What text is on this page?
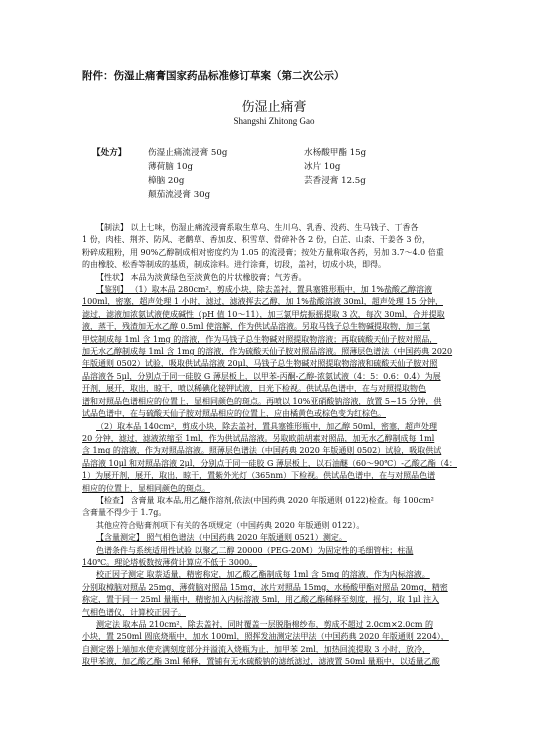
附件：伤湿止痛膏国家药品标准修订草案（第二次公示）
伤湿止痛膏
Shangshi Zhitong Gao
【处方】	伤湿止痛流浸膏 50g	水杨酸甲酯 15g
薄荷脑 10g	冰片 10g
樟脑 20g	芸香浸膏 12.5g
颠茄流浸膏 30g
【制法】 以上七味，伤湿止痛流浸膏系取生草乌、生川乌、乳香、没药、生马钱子、丁香各
1 份，肉桂、荆芥、防风、老鹳草、香加皮、积雪草、骨碎补各 2 份，白芷、山柰、干姜各 3 份，
粉碎成粗粉，用 90%乙醇制成相对密度约为 1.05 的流浸膏；按处方量称取各药，另加 3.7～4.0 倍重
的由橡胶、松香等制成的基质，制成涂料。进行涂膏，切段，盖衬，切成小块，即得。
【性状】 本品为淡黄绿色至淡黄色的片状橡胶膏；气芳香。
【鉴别】 （1）取本品 280cm²，剪成小块，除去盖衬，置具塞锥形瓶中，加 1%盐酸乙醇溶液
100ml，密塞，超声处理 1 小时，滤过，滤液挥去乙醇，加 1%盐酸溶液 30ml，超声处理 15 分钟，
滤过，滤液加浓氨试液使成碱性（pH 值 10～11），加三氯甲烷振摇提取 3 次，每次 30ml，合并提取
液，蒸干，残渣加无水乙醇 0.5ml 使溶解，作为供试品溶液。另取马钱子总生物碱提取物，加三氯
甲烷制成每 1ml 含 1mg 的溶液，作为马钱子总生物碱对照提取物溶液；再取硫酸天仙子胺对照品，
加无水乙醇制成每 1ml 含 1mg 的溶液，作为硫酸天仙子胺对照品溶液。照薄层色谱法（中国药典 2020
年版通则 0502）试验，吸取供试品溶液 20μl、马钱子总生物碱对照提取物溶液和硫酸天仙子胺对照
品溶液各 5μl，分别点于同一硅胶 G 薄层板上，以甲苯-丙酮-乙醇-浓氨试液（4：5：0.6：0.4）为展
开剂，展开，取出，晾干，喷以稀碘化铋钾试液，日光下检视。供试品色谱中，在与对照提取物色
谱和对照品色谱相应的位置上，显相同颜色的斑点。再喷以 10%亚硝酸钠溶液，放置 5~15 分钟，供
试品色谱中，在与硫酸天仙子胺对照品相应的位置上，应由橘黄色或棕色变为红棕色。
（2）取本品 140cm²，剪成小块，除去盖衬，置具塞锥形瓶中，加乙醇 50ml，密塞，超声处理
20 分钟，滤过，滤液浓缩至 1ml，作为供试品溶液。另取欧前胡素对照品，加无水乙醇制成每 1ml
含 1mg 的溶液，作为对照品溶液。照薄层色谱法（中国药典 2020 年版通则 0502）试验，吸取供试
品溶液 10μl 和对照品溶液 2μl，分别点于同一硅胶 G 薄层板上，以石油醚（60～90℃）-乙酸乙酯（4：
1）为展开剂，展开，取出，晾干，置紫外光灯（365nm）下检视。供试品色谱中，在与对照品色谱
相应的位置上，显相同颜色的斑点。
【检查】 含膏量 取本品,用乙醚作溶剂,依法(中国药典 2020 年版通则 0122)检查。每 100cm²
含膏量不得少于 1.7g。
其他应符合贴膏剂项下有关的各项规定（中国药典 2020 年版通则 0122）。
【含量测定】 照气相色谱法（中国药典 2020 年版通则 0521）测定。
色谱条件与系统适用性试验 以聚乙二醇 20000（PEG-20M）为固定性的毛细管柱；柱温
140℃。理论塔板数按薄荷计算应不低于 3000。
校正因子测定 取萘适量，精密称定，加乙酸乙酯制成每 1ml 含 5mg 的溶液，作为内标溶液。
分别取樟脑对照品 25mg、薄荷脑对照品 15mg、冰片对照品 15mg、水杨酸甲酯对照品 20mg，精密
称定，置于同一 25ml 量瓶中，精密加入内标溶液 5ml，用乙酸乙酯稀释至刻度，摇匀，取 1μl 注入
气相色谱仪，计算校正因子。
测定法 取本品 210cm²，除去盖衬，同时覆盖一层脱脂棉纱布，剪成不超过 2.0cm×2.0cm 的
小块，置 250ml 圆底烧瓶中，加水 100ml，照挥发油测定法甲法（中国药典 2020 年版通则 2204），
自测定器上端加水使充满刻度部分并溢流入烧瓶为止，加甲苯 2ml，加热回流提取 3 小时，放冷，
取甲苯液，加乙酸乙酯 3ml 稀释，置铺有无水硫酸钠的滤纸滤过，滤液置 50ml 量瓶中，以适量乙酸
